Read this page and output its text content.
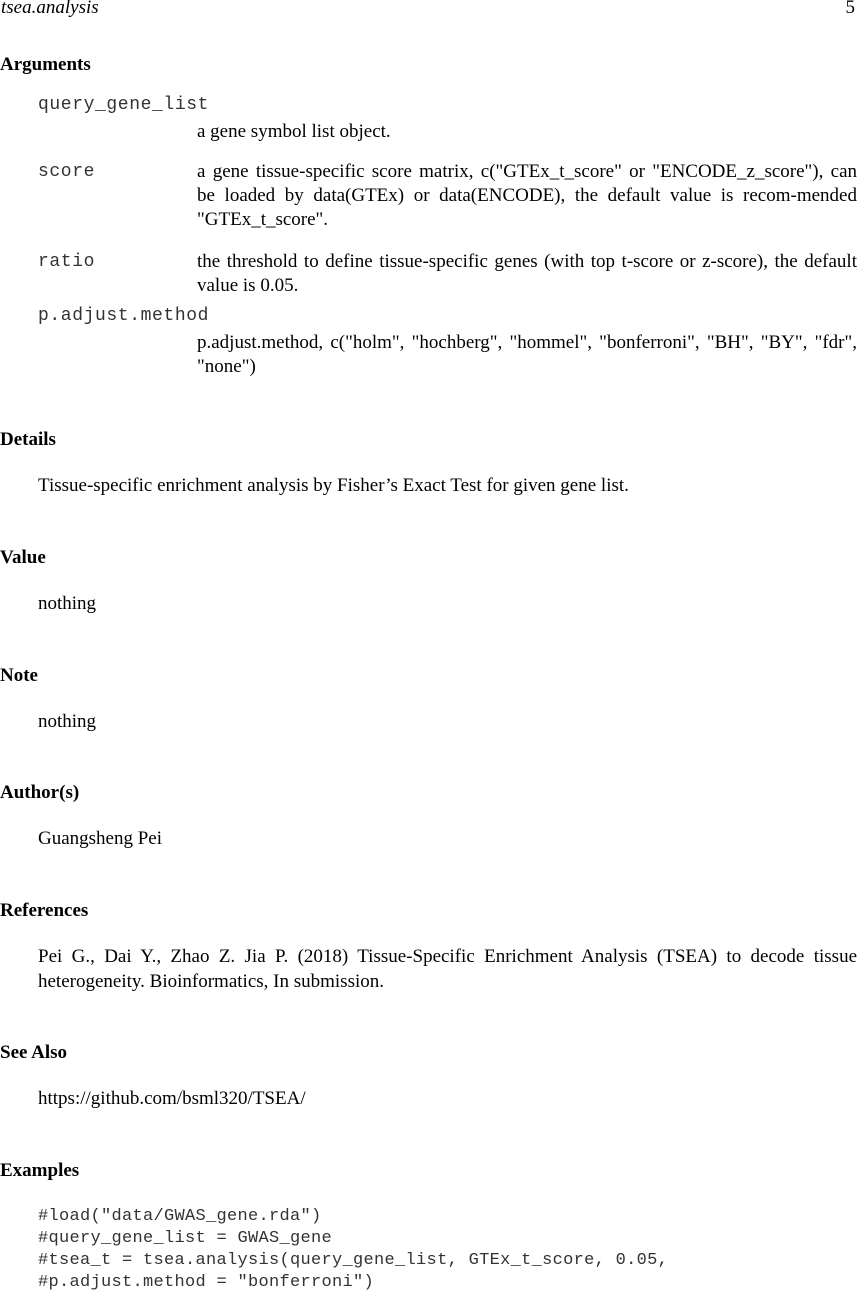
tsea.analysis	5
Arguments
query_gene_list
a gene symbol list object.
score	a gene tissue-specific score matrix, c("GTEx_t_score" or "ENCODE_z_score"), can be loaded by data(GTEx) or data(ENCODE), the default value is recom-mended "GTEx_t_score".
ratio	the threshold to define tissue-specific genes (with top t-score or z-score), the default value is 0.05.
p.adjust.method
p.adjust.method, c("holm", "hochberg", "hommel", "bonferroni", "BH", "BY", "fdr", "none")
Details
Tissue-specific enrichment analysis by Fisher’s Exact Test for given gene list.
Value
nothing
Note
nothing
Author(s)
Guangsheng Pei
References
Pei G., Dai Y., Zhao Z. Jia P. (2018) Tissue-Specific Enrichment Analysis (TSEA) to decode tissue heterogeneity. Bioinformatics, In submission.
See Also
https://github.com/bsml320/TSEA/
Examples
#load("data/GWAS_gene.rda")
#query_gene_list = GWAS_gene
#tsea_t = tsea.analysis(query_gene_list, GTEx_t_score, 0.05,
#p.adjust.method = "bonferroni")
